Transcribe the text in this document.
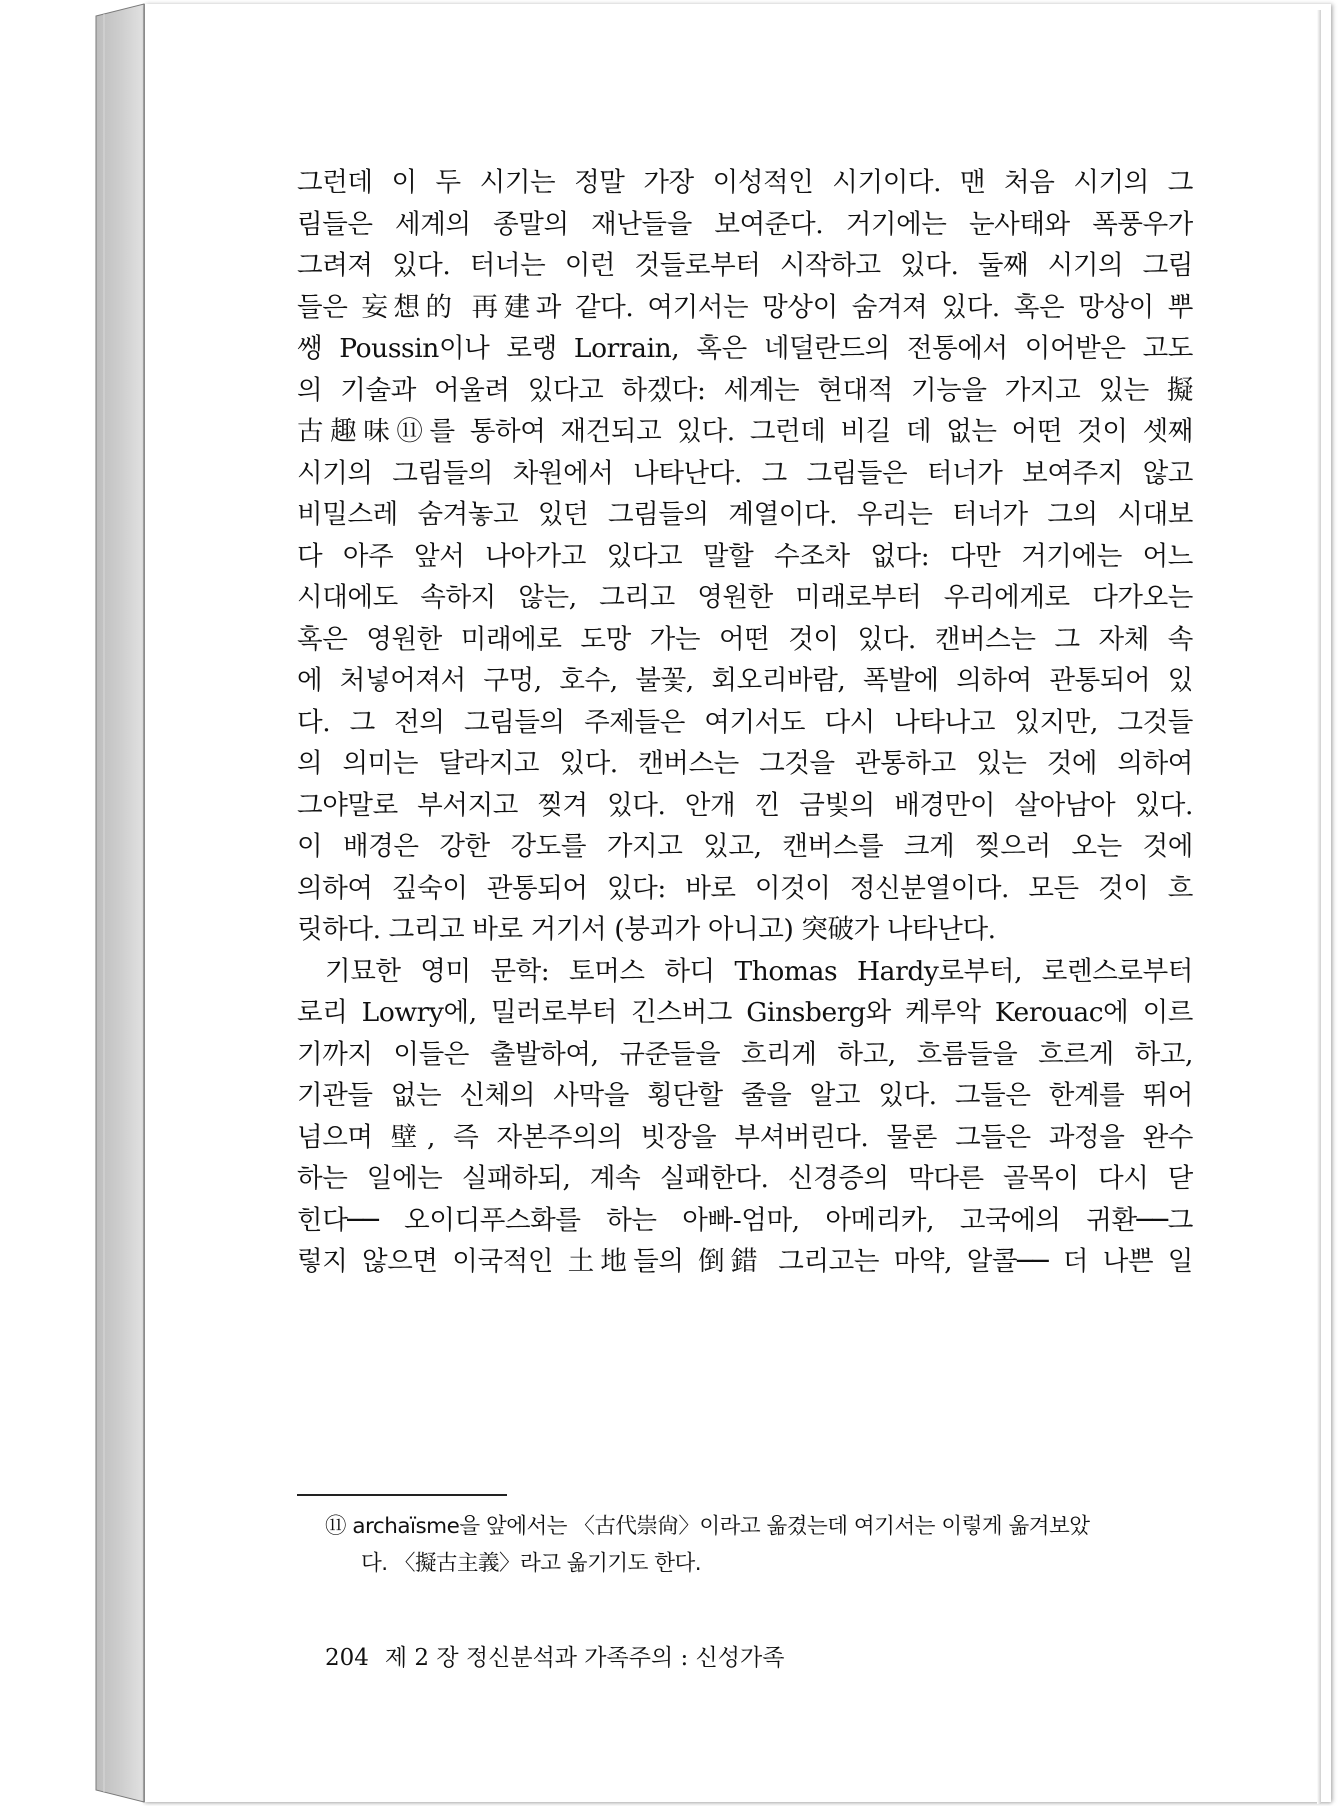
그런데 이 두 시기는 정말 가장 이성적인 시기이다. 맨 처음 시기의 그
림들은 세계의 종말의 재난들을 보여준다. 거기에는 눈사태와 폭풍우가
그려져 있다. 터너는 이런 것들로부터 시작하고 있다. 둘째 시기의 그림
들은 妄想的 再建과 같다. 여기서는 망상이 숨겨져 있다. 혹은 망상이 뿌
쌩 Poussin이나 로랭 Lorrain, 혹은 네덜란드의 전통에서 이어받은 고도
의 기술과 어울려 있다고 하겠다: 세계는 현대적 기능을 가지고 있는 擬
古趣味⑪를 통하여 재건되고 있다. 그런데 비길 데 없는 어떤 것이 셋째
시기의 그림들의 차원에서 나타난다. 그 그림들은 터너가 보여주지 않고
비밀스레 숨겨놓고 있던 그림들의 계열이다. 우리는 터너가 그의 시대보
다 아주 앞서 나아가고 있다고 말할 수조차 없다: 다만 거기에는 어느
시대에도 속하지 않는, 그리고 영원한 미래로부터 우리에게로 다가오는
혹은 영원한 미래에로 도망 가는 어떤 것이 있다. 캔버스는 그 자체 속
에 처넣어져서 구멍, 호수, 불꽃, 회오리바람, 폭발에 의하여 관통되어 있
다. 그 전의 그림들의 주제들은 여기서도 다시 나타나고 있지만, 그것들
의 의미는 달라지고 있다. 캔버스는 그것을 관통하고 있는 것에 의하여
그야말로 부서지고 찢겨 있다. 안개 낀 금빛의 배경만이 살아남아 있다.
이 배경은 강한 강도를 가지고 있고, 캔버스를 크게 찢으러 오는 것에
의하여 깊숙이 관통되어 있다: 바로 이것이 정신분열이다. 모든 것이 흐
릿하다. 그리고 바로 거기서 (붕괴가 아니고) 突破가 나타난다.
기묘한 영미 문학: 토머스 하디 Thomas Hardy로부터, 로렌스로부터
로리 Lowry에, 밀러로부터 긴스버그 Ginsberg와 케루악 Kerouac에 이르
기까지 이들은 출발하여, 규준들을 흐리게 하고, 흐름들을 흐르게 하고,
기관들 없는 신체의 사막을 횡단할 줄을 알고 있다. 그들은 한계를 뛰어
넘으며 壁, 즉 자본주의의 빗장을 부셔버린다. 물론 그들은 과정을 완수
하는 일에는 실패하되, 계속 실패한다. 신경증의 막다른 골목이 다시 닫
힌다── 오이디푸스화를 하는 아빠-엄마, 아메리카, 고국에의 귀환──그
렇지 않으면 이국적인 土地들의 倒錯 그리고는 마약, 알콜── 더 나쁜 일
⑪ archaïsme을 앞에서는 〈古代崇尙〉이라고 옮겼는데 여기서는 이렇게 옮겨보았
다. 〈擬古主義〉라고 옮기기도 한다.
204 제 2 장 정신분석과 가족주의 : 신성가족
